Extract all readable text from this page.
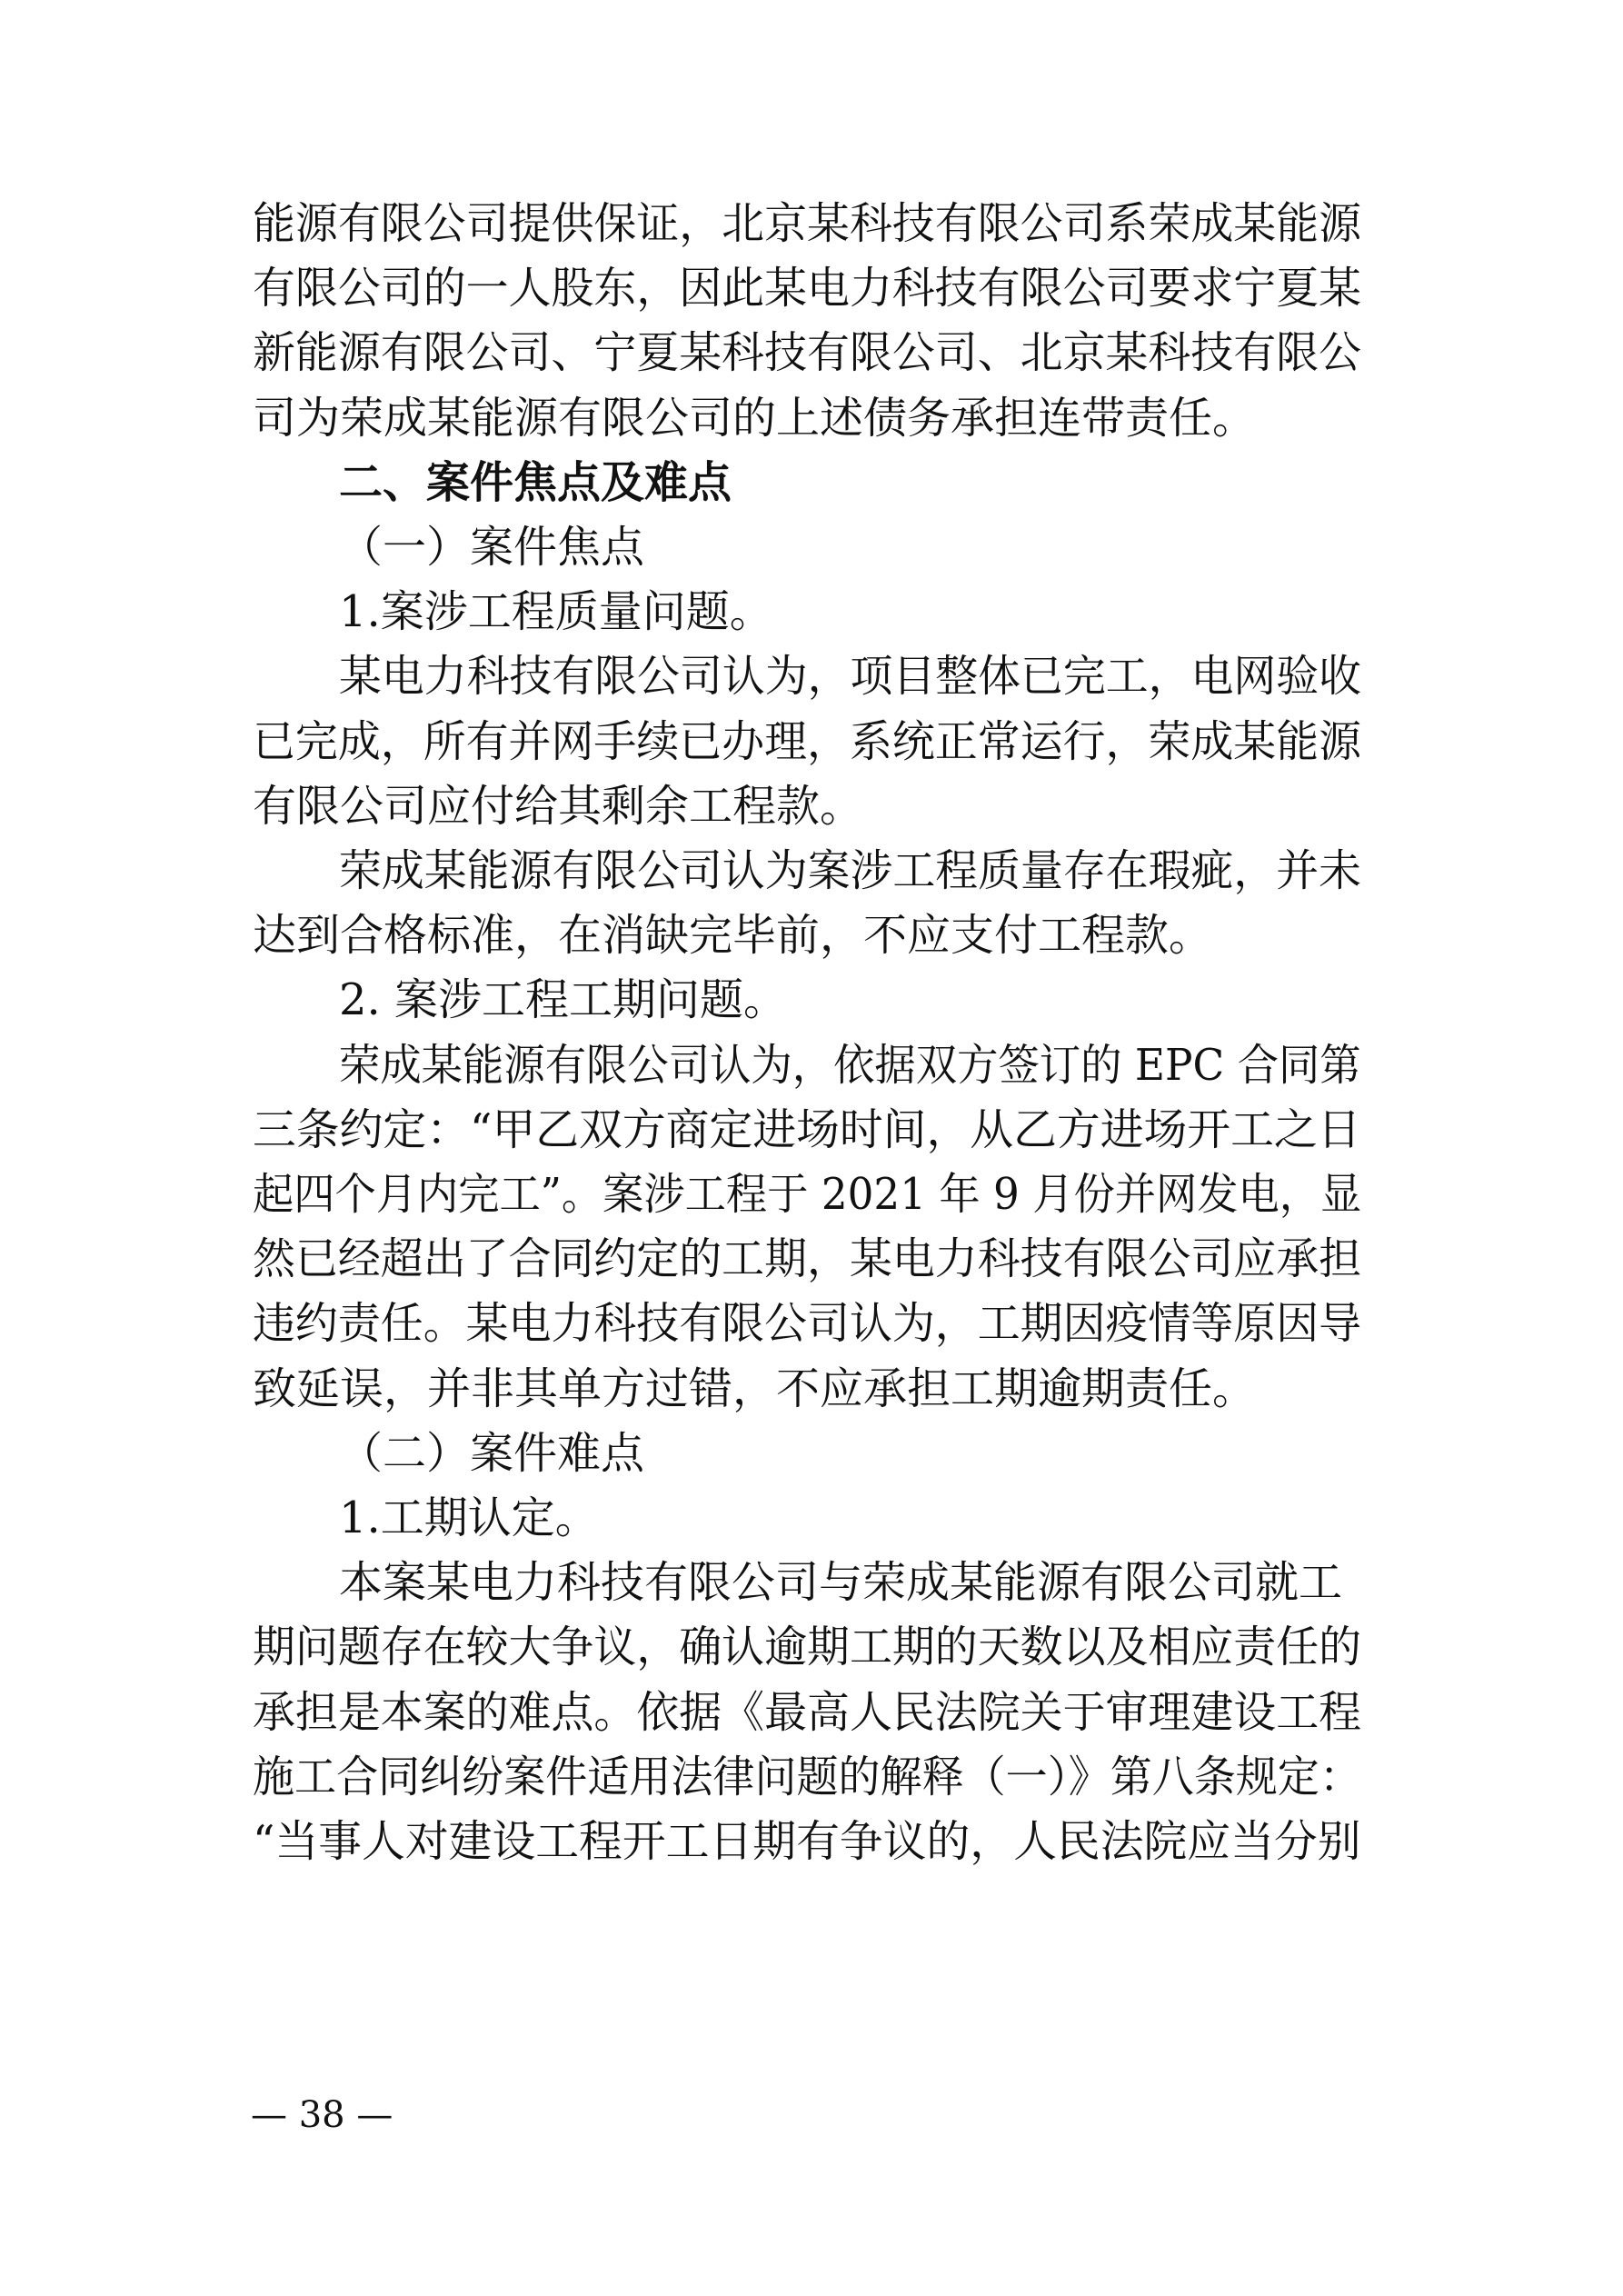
能源有限公司提供保证，北京某科技有限公司系荣成某能源
有限公司的一人股东，因此某电力科技有限公司要求宁夏某
新能源有限公司、宁夏某科技有限公司、北京某科技有限公
司为荣成某能源有限公司的上述债务承担连带责任。
二、案件焦点及难点
（一）案件焦点
1.案涉工程质量问题。
某电力科技有限公司认为，项目整体已完工，电网验收
已完成，所有并网手续已办理，系统正常运行，荣成某能源
有限公司应付给其剩余工程款。
荣成某能源有限公司认为案涉工程质量存在瑕疵，并未
达到合格标准，在消缺完毕前，不应支付工程款。
2. 案涉工程工期问题。
荣成某能源有限公司认为，依据双方签订的 EPC 合同第
三条约定：“甲乙双方商定进场时间，从乙方进场开工之日
起四个月内完工”。案涉工程于 2021 年 9 月份并网发电，显
然已经超出了合同约定的工期，某电力科技有限公司应承担
违约责任。某电力科技有限公司认为，工期因疫情等原因导
致延误，并非其单方过错，不应承担工期逾期责任。
（二）案件难点
1.工期认定。
本案某电力科技有限公司与荣成某能源有限公司就工
期问题存在较大争议，确认逾期工期的天数以及相应责任的
承担是本案的难点。依据《最高人民法院关于审理建设工程
施工合同纠纷案件适用法律问题的解释（一）》第八条规定：
“当事人对建设工程开工日期有争议的，人民法院应当分别
— 38 —
